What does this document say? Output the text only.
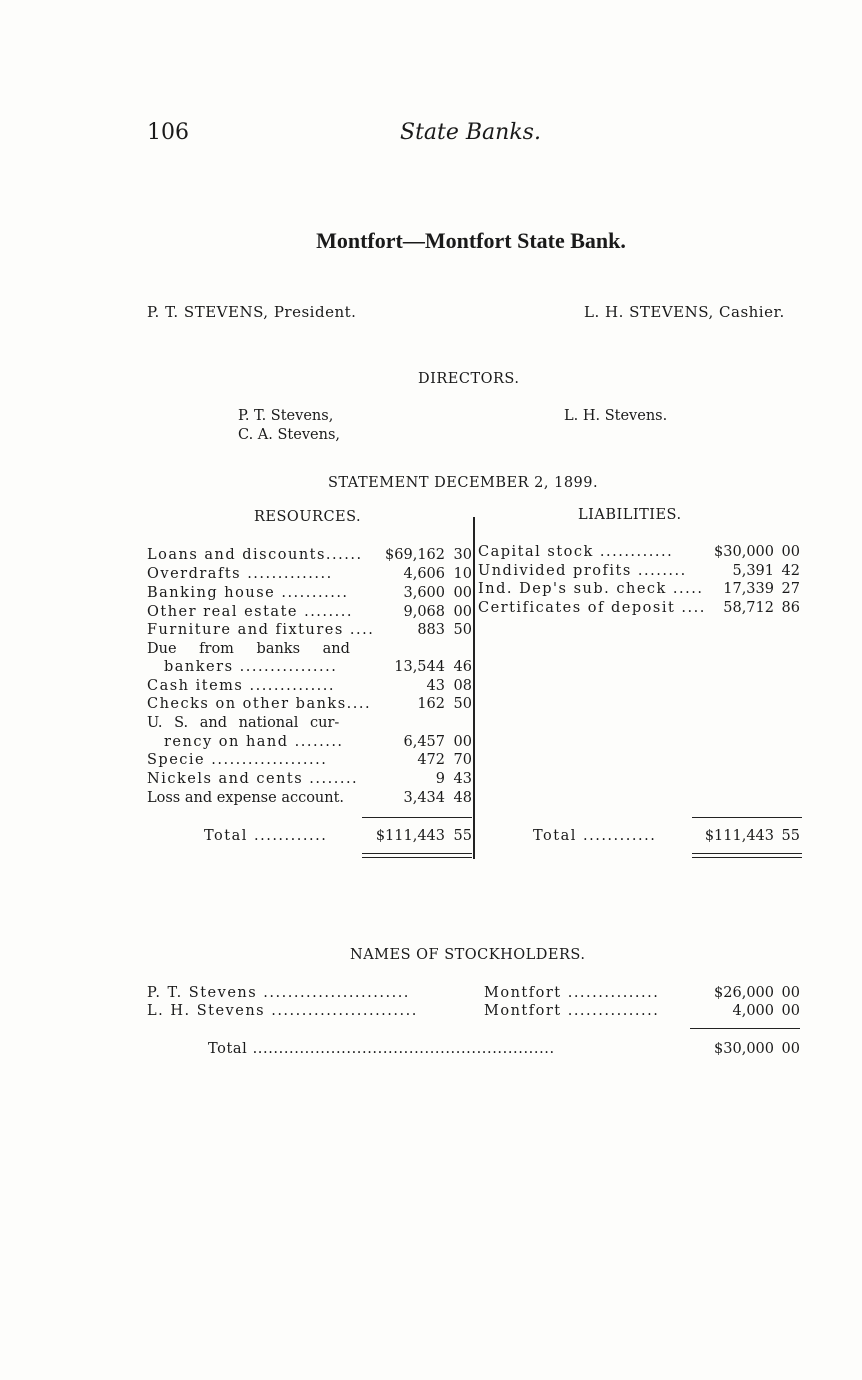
106	State Banks.
Montfort—Montfort State Bank.
P. T. STEVENS, President.	L. H. STEVENS, Cashier.
DIRECTORS.
P. T. Stevens,
C. A. Stevens,
L. H. Stevens.
STATEMENT DECEMBER 2, 1899.
RESOURCES.	LIABILITIES.
Loans and discounts......	$69,162 30
Overdrafts ..............	4,606 10
Banking house ...........	3,600 00
Other real estate ........	9,068 00
Furniture and fixtures ....	883 50
Due from banks and
bankers ................	13,544 46
Cash items ..............	43 08
Checks on other banks....	162 50
U. S. and national cur-
rency on hand ........	6,457 00
Specie ...................	472 70
Nickels and cents ........	9 43
Loss and expense account.	3,434 48
Total ............	$111,443 55
Capital stock ............	$30,000 00
Undivided profits ........	5,391 42
Ind. Dep's sub. check .....	17,339 27
Certificates of deposit ....	58,712 86
Total ............	$111,443 55
NAMES OF STOCKHOLDERS.
P. T. Stevens ........................	Montfort ...............	$26,000 00
L. H. Stevens ........................	Montfort ...............	4,000 00
Total ..........................................................	$30,000 00
